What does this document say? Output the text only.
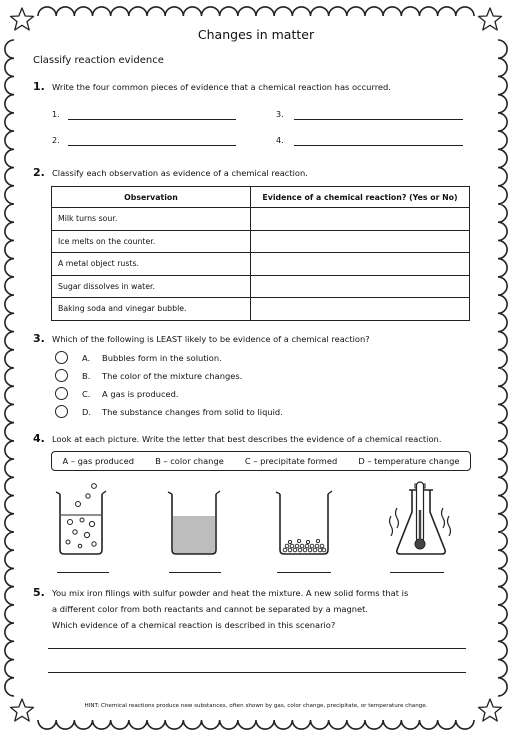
Changes in matter
Classify reaction evidence
1. Write the four common pieces of evidence that a chemical reaction has occurred.
1.	3.
2.	4.
2. Classify each observation as evidence of a chemical reaction.
Observation	Evidence of a chemical reaction? (Yes or No)
Milk turns sour.	
Ice melts on the counter.	
A metal object rusts.	
Sugar dissolves in water.	
Baking soda and vinegar bubble.	
3. Which of the following is LEAST likely to be evidence of a chemical reaction?
A. Bubbles form in the solution.
B. The color of the mixture changes.
C. A gas is produced.
D. The substance changes from solid to liquid.
4. Look at each picture. Write the letter that best describes the evidence of a chemical reaction.
A – gas produced	B – color change	C – precipitate formed	D – temperature change
5. You mix iron filings with sulfur powder and heat the mixture. A new solid forms that is
a different color from both reactants and cannot be separated by a magnet.
Which evidence of a chemical reaction is described in this scenario?
HINT: Chemical reactions produce new substances, often shown by gas, color change, precipitate, or temperature change.
